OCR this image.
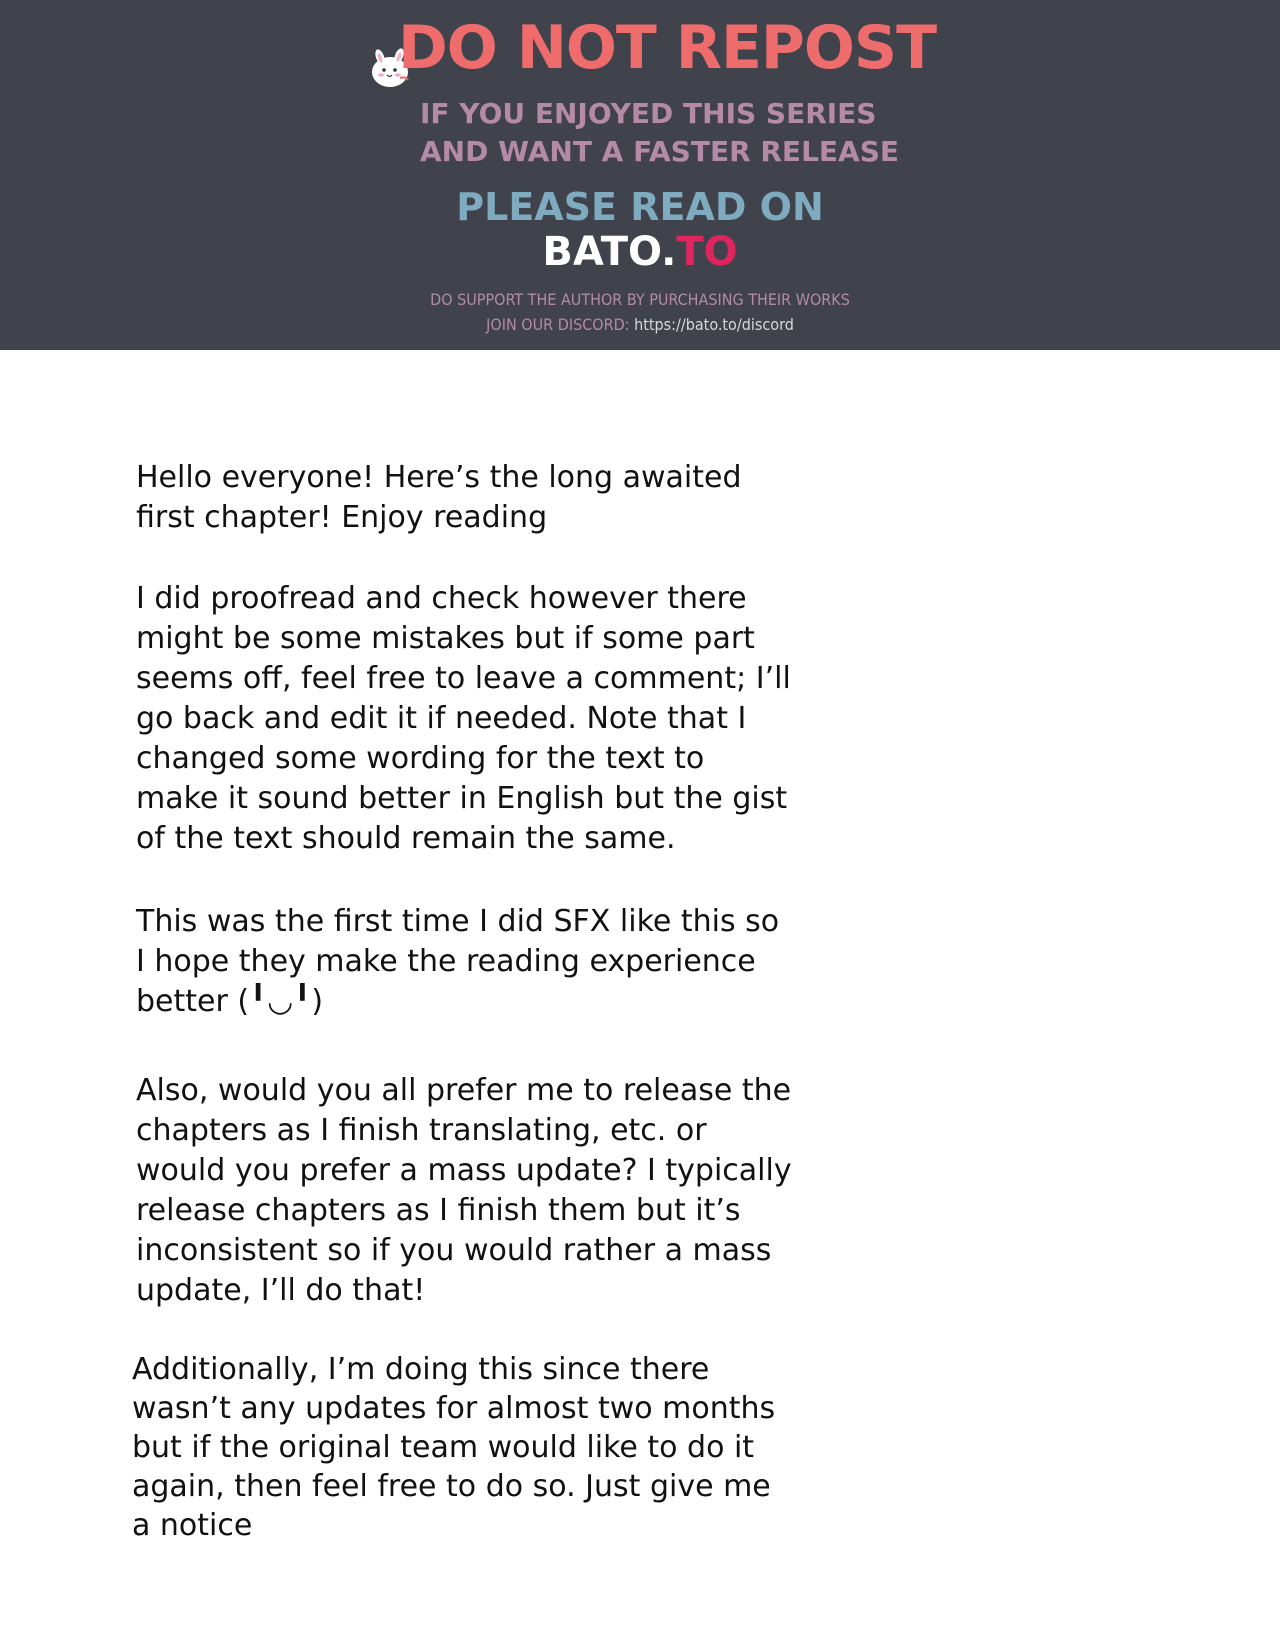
DO NOT REPOST
IF YOU ENJOYED THIS SERIES
AND WANT A FASTER RELEASE
PLEASE READ ON
BATO.TO
DO SUPPORT THE AUTHOR BY PURCHASING THEIR WORKS
JOIN OUR DISCORD: https://bato.to/discord

Hello everyone! Here’s the long awaited
first chapter! Enjoy reading

I did proofread and check however there
might be some mistakes but if some part
seems off, feel free to leave a comment; I’ll
go back and edit it if needed. Note that I
changed some wording for the text to
make it sound better in English but the gist
of the text should remain the same.

This was the first time I did SFX like this so
I hope they make the reading experience
better (╹◡╹)

Also, would you all prefer me to release the
chapters as I finish translating, etc. or
would you prefer a mass update? I typically
release chapters as I finish them but it’s
inconsistent so if you would rather a mass
update, I’ll do that!

Additionally, I’m doing this since there
wasn’t any updates for almost two months
but if the original team would like to do it
again, then feel free to do so. Just give me
a notice
